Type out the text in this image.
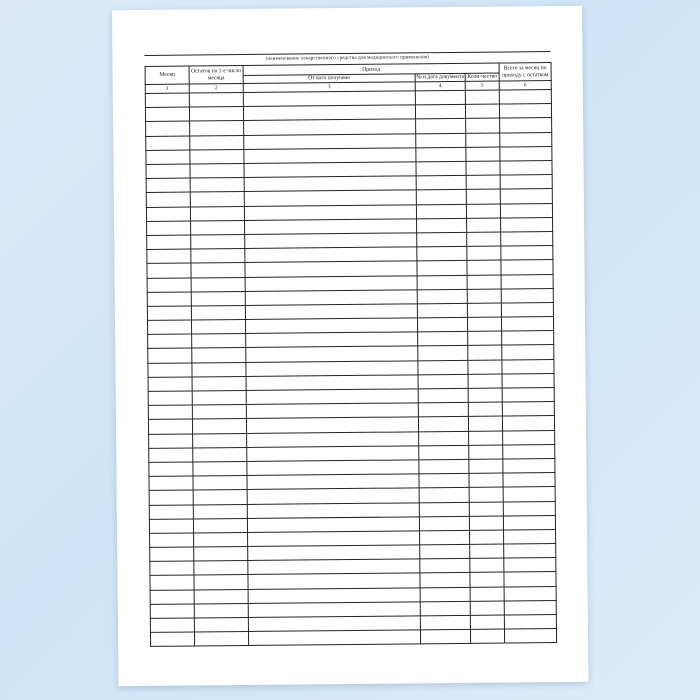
(наименование лекарственного средства для медицинского применения)
Месяц	Остаток на 1-е число месяца	Приход			Всего за месяц по приходу с остатком
		От кого получено	№ и дата документа	Коли-чество	
1	2	3	4	5	6
